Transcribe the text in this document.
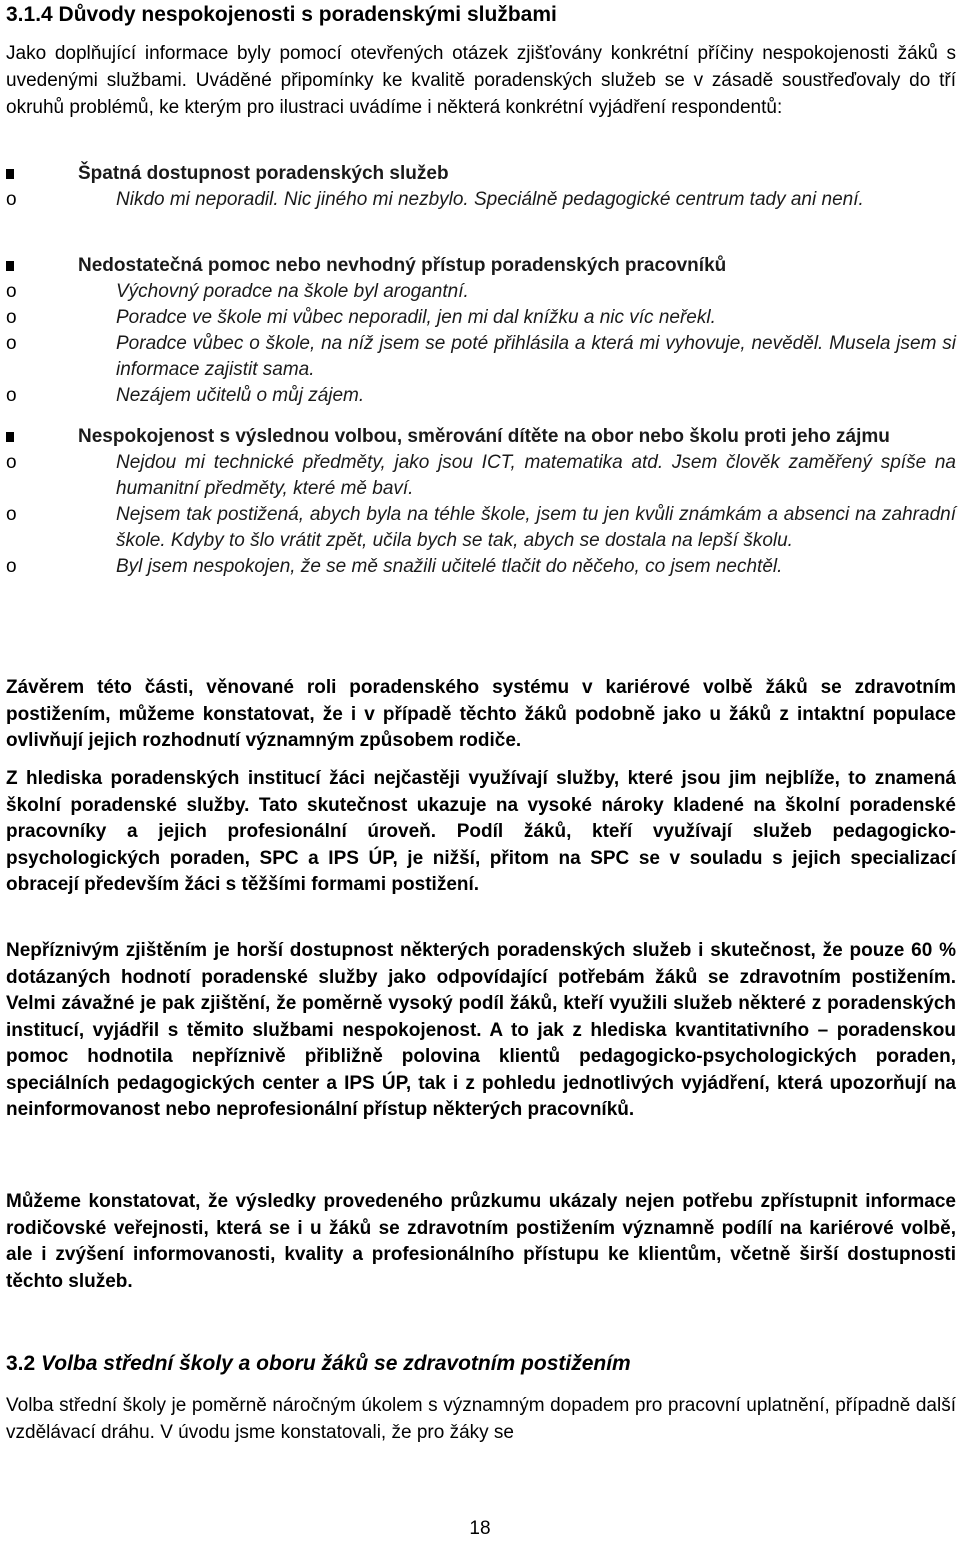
3.1.4 Důvody nespokojenosti s poradenskými službami

Jako doplňující informace byly pomocí otevřených otázek zjišťovány konkrétní příčiny nespokojenosti žáků s uvedenými službami. Uváděné připomínky ke kvalitě poradenských služeb se v zásadě soustřeďovaly do tří okruhů problémů, ke kterým pro ilustraci uvádíme i některá konkrétní vyjádření respondentů:

Špatná dostupnost poradenských služeb
o	Nikdo mi neporadil. Nic jiného mi nezbylo. Speciálně pedagogické centrum tady ani není.
Nedostatečná pomoc nebo nevhodný přístup poradenských pracovníků
o	Výchovný poradce na škole byl arogantní.
o	Poradce ve škole mi vůbec neporadil, jen mi dal knížku a nic víc neřekl.
o	Poradce vůbec o škole, na níž jsem se poté přihlásila a která mi vyhovuje, nevěděl. Musela jsem si informace zajistit sama.
o	Nezájem učitelů o můj zájem.
Nespokojenost s výslednou volbou, směrování dítěte na obor nebo školu proti jeho zájmu
o	Nejdou mi technické předměty, jako jsou ICT, matematika atd. Jsem člověk zaměřený spíše na humanitní předměty, které mě baví.
o	Nejsem tak postižená, abych byla na téhle škole, jsem tu jen kvůli známkám a absenci na zahradní škole. Kdyby to šlo vrátit zpět, učila bych se tak, abych se dostala na lepší školu.
o	Byl jsem nespokojen, že se mě snažili učitelé tlačit do něčeho, co jsem nechtěl.

Závěrem této části, věnované roli poradenského systému v kariérové volbě žáků se zdravotním postižením, můžeme konstatovat, že i v případě těchto žáků podobně jako u žáků z intaktní populace ovlivňují jejich rozhodnutí významným způsobem rodiče.

Z hlediska poradenských institucí žáci nejčastěji využívají služby, které jsou jim nejblíže, to znamená školní poradenské služby. Tato skutečnost ukazuje na vysoké nároky kladené na školní poradenské pracovníky a jejich profesionální úroveň. Podíl žáků, kteří využívají služeb pedagogicko-psychologických poraden, SPC a IPS ÚP, je nižší, přitom na SPC se v souladu s jejich specializací obracejí především žáci s těžšími formami postižení.

Nepříznivým zjištěním je horší dostupnost některých poradenských služeb i skutečnost, že pouze 60 % dotázaných hodnotí poradenské služby jako odpovídající potřebám žáků se zdravotním postižením. Velmi závažné je pak zjištění, že poměrně vysoký podíl žáků, kteří využili služeb některé z poradenských institucí, vyjádřil s těmito službami nespokojenost. A to jak z hlediska kvantitativního – poradenskou pomoc hodnotila nepříznivě přibližně polovina klientů pedagogicko-psychologických poraden, speciálních pedagogických center a IPS ÚP, tak i z pohledu jednotlivých vyjádření, která upozorňují na neinformovanost nebo neprofesionální přístup některých pracovníků.

Můžeme konstatovat, že výsledky provedeného průzkumu ukázaly nejen potřebu zpřístupnit informace rodičovské veřejnosti, která se i u žáků se zdravotním postižením významně podílí na kariérové volbě, ale i zvýšení informovanosti, kvality a profesionálního přístupu ke klientům, včetně širší dostupnosti těchto služeb.

3.2 Volba střední školy a oboru žáků se zdravotním postižením

Volba střední školy je poměrně náročným úkolem s významným dopadem pro pracovní uplatnění, případně další vzdělávací dráhu. V úvodu jsme konstatovali, že pro žáky se

18
